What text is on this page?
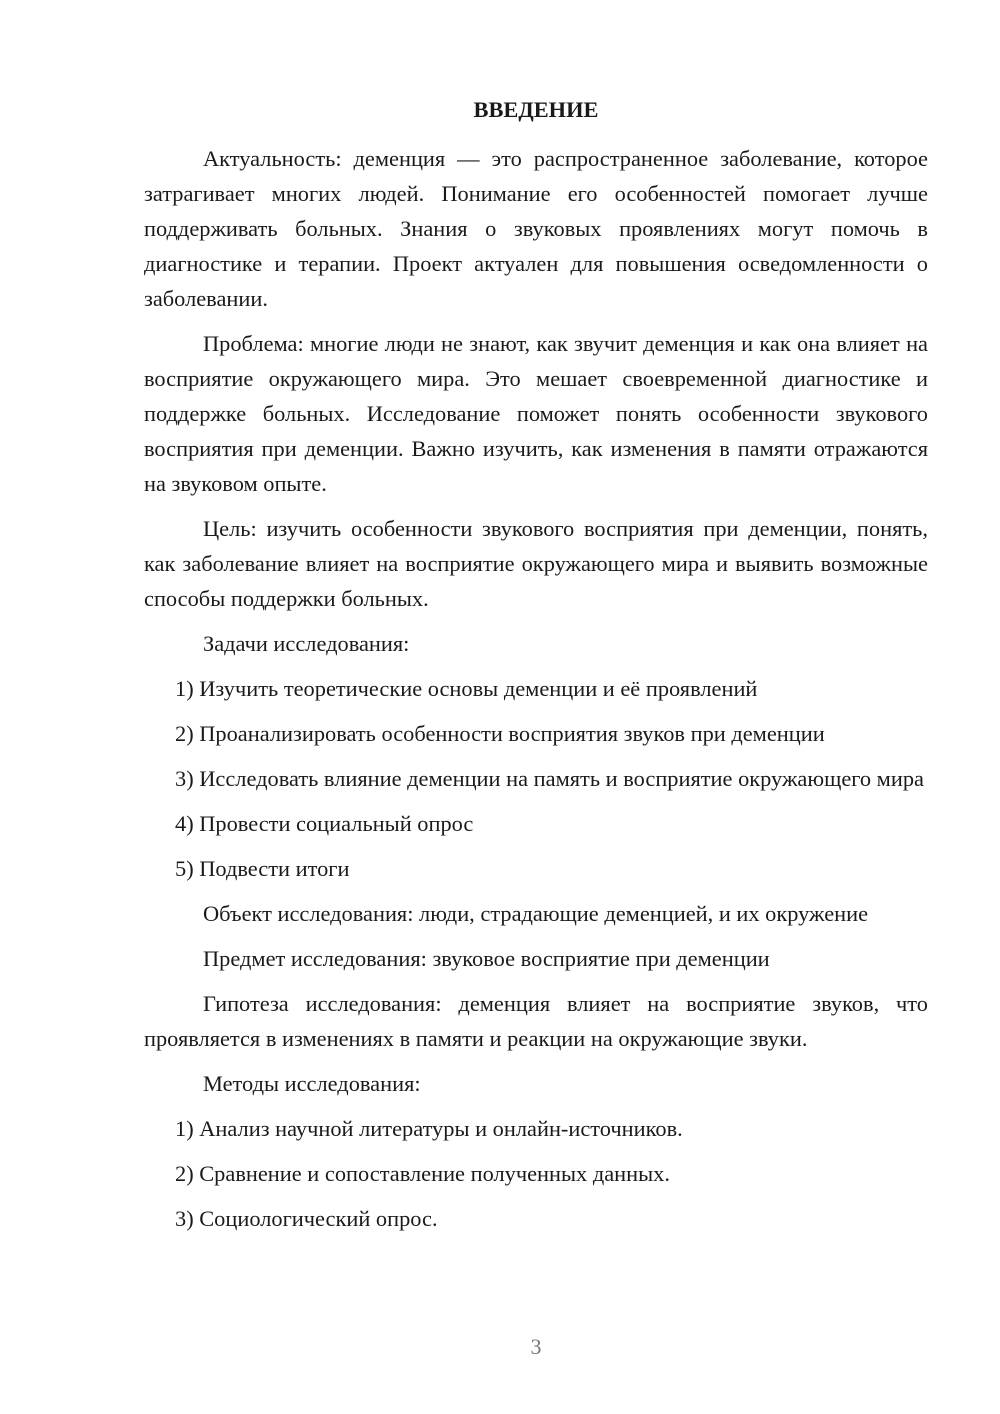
ВВЕДЕНИЕ

Актуальность: деменция — это распространенное заболевание, которое затрагивает многих людей. Понимание его особенностей помогает лучше поддерживать больных. Знания о звуковых проявлениях могут помочь в диагностике и терапии. Проект актуален для повышения осведомленности о заболевании.

Проблема: многие люди не знают, как звучит деменция и как она влияет на восприятие окружающего мира. Это мешает своевременной диагностике и поддержке больных. Исследование поможет понять особенности звукового восприятия при деменции. Важно изучить, как изменения в памяти отражаются на звуковом опыте.

Цель: изучить особенности звукового восприятия при деменции, понять, как заболевание влияет на восприятие окружающего мира и выявить возможные способы поддержки больных.

Задачи исследования:

1) Изучить теоретические основы деменции и её проявлений

2) Проанализировать особенности восприятия звуков при деменции

3) Исследовать влияние деменции на память и восприятие окружающего мира

4) Провести социальный опрос

5) Подвести итоги

Объект исследования: люди, страдающие деменцией, и их окружение

Предмет исследования: звуковое восприятие при деменции

Гипотеза исследования: деменция влияет на восприятие звуков, что проявляется в изменениях в памяти и реакции на окружающие звуки.

Методы исследования:

1) Анализ научной литературы и онлайн-источников.

2) Сравнение и сопоставление полученных данных.

3) Социологический опрос.

3
